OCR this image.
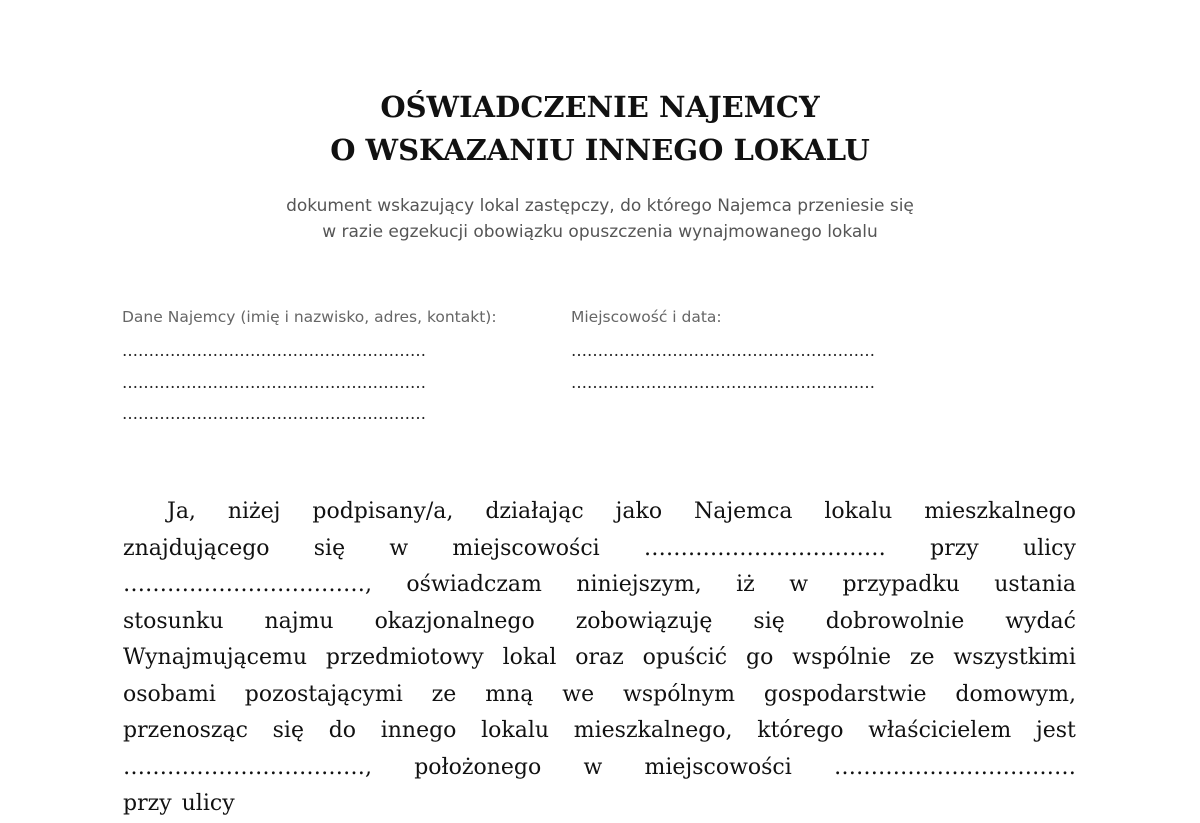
OŚWIADCZENIE NAJEMCY
O WSKAZANIU INNEGO LOKALU
dokument wskazujący lokal zastępczy, do którego Najemca przeniesie się
w razie egzekucji obowiązku opuszczenia wynajmowanego lokalu
Dane Najemcy (imię i nazwisko, adres, kontakt):
…………………………………………………
…………………………………………………
…………………………………………………
Miejscowość i data:
…………………………………………………
…………………………………………………
Ja, niżej podpisany/a, działając jako Najemca lokalu mieszkalnego
znajdującego się w miejscowości …………………………… przy ulicy
……………………………, oświadczam niniejszym, iż w przypadku ustania
stosunku najmu okazjonalnego zobowiązuję się dobrowolnie wydać
Wynajmującemu przedmiotowy lokal oraz opuścić go wspólnie ze wszystkimi
osobami pozostającymi ze mną we wspólnym gospodarstwie domowym,
przenosząc się do innego lokalu mieszkalnego, którego właścicielem jest
……………………………, położonego w miejscowości ……………………………
przy ulicy
